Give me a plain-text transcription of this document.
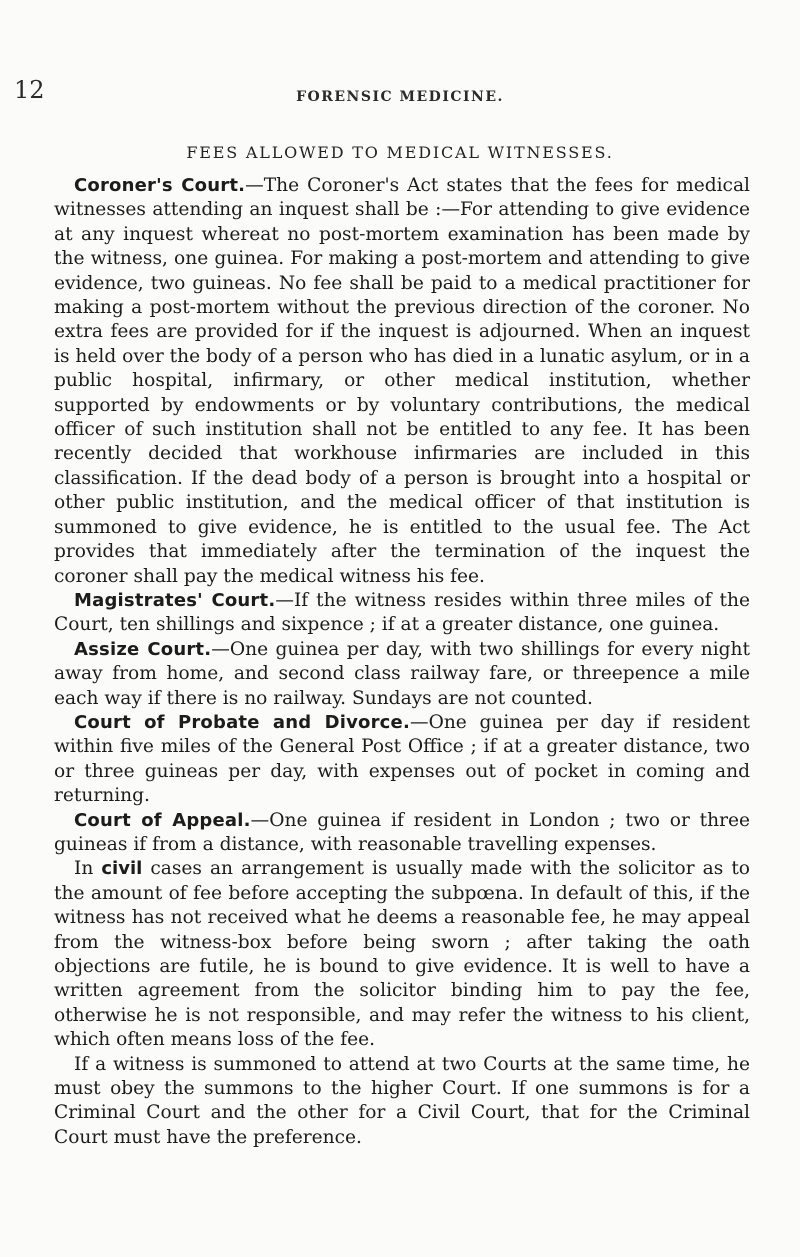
12	FORENSIC MEDICINE.
FEES ALLOWED TO MEDICAL WITNESSES.

Coroner's Court.—The Coroner's Act states that the fees for medical witnesses attending an inquest shall be :—For attending to give evidence at any inquest whereat no post-mortem examination has been made by the witness, one guinea. For making a post-mortem and attending to give evidence, two guineas. No fee shall be paid to a medical practitioner for making a post-mortem without the previous direction of the coroner. No extra fees are provided for if the inquest is adjourned. When an inquest is held over the body of a person who has died in a lunatic asylum, or in a public hospital, infirmary, or other medical institution, whether supported by endowments or by voluntary contributions, the medical officer of such institution shall not be entitled to any fee. It has been recently decided that workhouse infirmaries are included in this classification. If the dead body of a person is brought into a hospital or other public institution, and the medical officer of that institution is summoned to give evidence, he is entitled to the usual fee. The Act provides that immediately after the termination of the inquest the coroner shall pay the medical witness his fee.

Magistrates' Court.—If the witness resides within three miles of the Court, ten shillings and sixpence ; if at a greater distance, one guinea.

Assize Court.—One guinea per day, with two shillings for every night away from home, and second class railway fare, or threepence a mile each way if there is no railway. Sundays are not counted.

Court of Probate and Divorce.—One guinea per day if resident within five miles of the General Post Office ; if at a greater distance, two or three guineas per day, with expenses out of pocket in coming and returning.

Court of Appeal.—One guinea if resident in London ; two or three guineas if from a distance, with reasonable travelling expenses.

In civil cases an arrangement is usually made with the solicitor as to the amount of fee before accepting the subpœna. In default of this, if the witness has not received what he deems a reasonable fee, he may appeal from the witness-box before being sworn ; after taking the oath objections are futile, he is bound to give evidence. It is well to have a written agreement from the solicitor binding him to pay the fee, otherwise he is not responsible, and may refer the witness to his client, which often means loss of the fee.

If a witness is summoned to attend at two Courts at the same time, he must obey the summons to the higher Court. If one summons is for a Criminal Court and the other for a Civil Court, that for the Criminal Court must have the preference.
